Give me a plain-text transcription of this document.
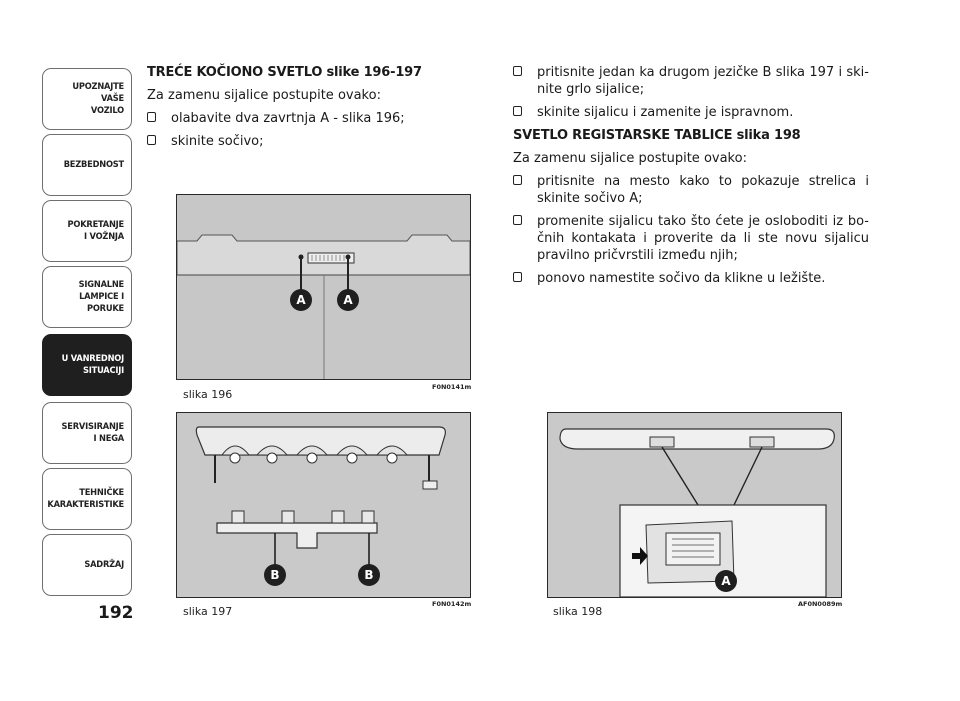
UPOZNAJTE
VAŠE
VOZILO
BEZBEDNOST
POKRETANJE
I VOŽNJA
SIGNALNE
LAMPICE I PORUKE
U VANREDNOJ
SITUACIJI
SERVISIRANJE
I NEGA
TEHNIČKE
KARAKTERISTIKE
SADRŽAJ
192

TREĆE KOČIONO SVETLO slike 196-197

Za zamenu sijalice postupite ovako:

olabavite dva zavrtnja A - slika 196;
skinite sočivo;
pritisnite jedan ka drugom jezičke B slika 197 i ski-nite grlo sijalice;
skinite sijalicu i zamenite je ispravnom.

SVETLO REGISTARSKE TABLICE slika 198

Za zamenu sijalice postupite ovako:

pritisnite na mesto kako to pokazuje strelica i skinite sočivo A;
promenite sijalicu tako što ćete je osloboditi iz bo-čnih kontakata i proverite da li ste novu sijalicu pravilno pričvrstili između njih;
ponovo namestite sočivo da klikne u ležište.
A	A
F0N0141m
slika 196
B	B
F0N0142m
slika 197
A
AF0N0089m
slika 198
